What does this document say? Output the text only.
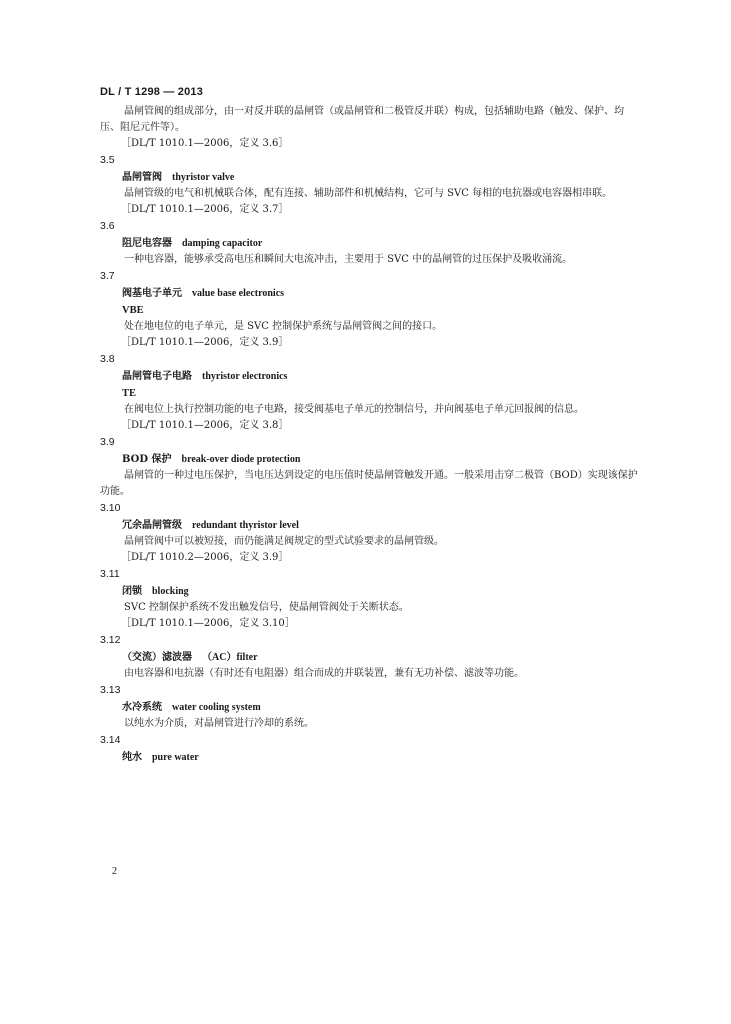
DL / T 1298 — 2013

晶闸管阀的组成部分，由一对反并联的晶闸管（或晶闸管和二极管反并联）构成，包括辅助电路（触发、保护、均压、阻尼元件等）。

［DL/T 1010.1—2006，定义 3.6］

3.5

晶闸管阀 thyristor valve

晶闸管级的电气和机械联合体，配有连接、辅助部件和机械结构，它可与 SVC 每相的电抗器或电容器相串联。

［DL/T 1010.1—2006，定义 3.7］

3.6

阻尼电容器 damping capacitor

一种电容器，能够承受高电压和瞬间大电流冲击，主要用于 SVC 中的晶闸管的过压保护及吸收涌流。

3.7

阀基电子单元 value base electronics

VBE

处在地电位的电子单元，是 SVC 控制保护系统与晶闸管阀之间的接口。

［DL/T 1010.1—2006，定义 3.9］

3.8

晶闸管电子电路 thyristor electronics

TE

在阀电位上执行控制功能的电子电路，接受阀基电子单元的控制信号，并向阀基电子单元回报阀的信息。

［DL/T 1010.1—2006，定义 3.8］

3.9

BOD 保护 break-over diode protection

晶闸管的一种过电压保护，当电压达到设定的电压值时使晶闸管触发开通。一般采用击穿二极管（BOD）实现该保护功能。

3.10

冗余晶闸管级 redundant thyristor level

晶闸管阀中可以被短接，而仍能满足阀规定的型式试验要求的晶闸管级。

［DL/T 1010.2—2006，定义 3.9］

3.11

闭锁 blocking

SVC 控制保护系统不发出触发信号，使晶闸管阀处于关断状态。

［DL/T 1010.1—2006，定义 3.10］

3.12

（交流）滤波器 （AC）filter

由电容器和电抗器（有时还有电阻器）组合而成的并联装置，兼有无功补偿、滤波等功能。

3.13

水冷系统 water cooling system

以纯水为介质，对晶闸管进行冷却的系统。

3.14

纯水 pure water

2
